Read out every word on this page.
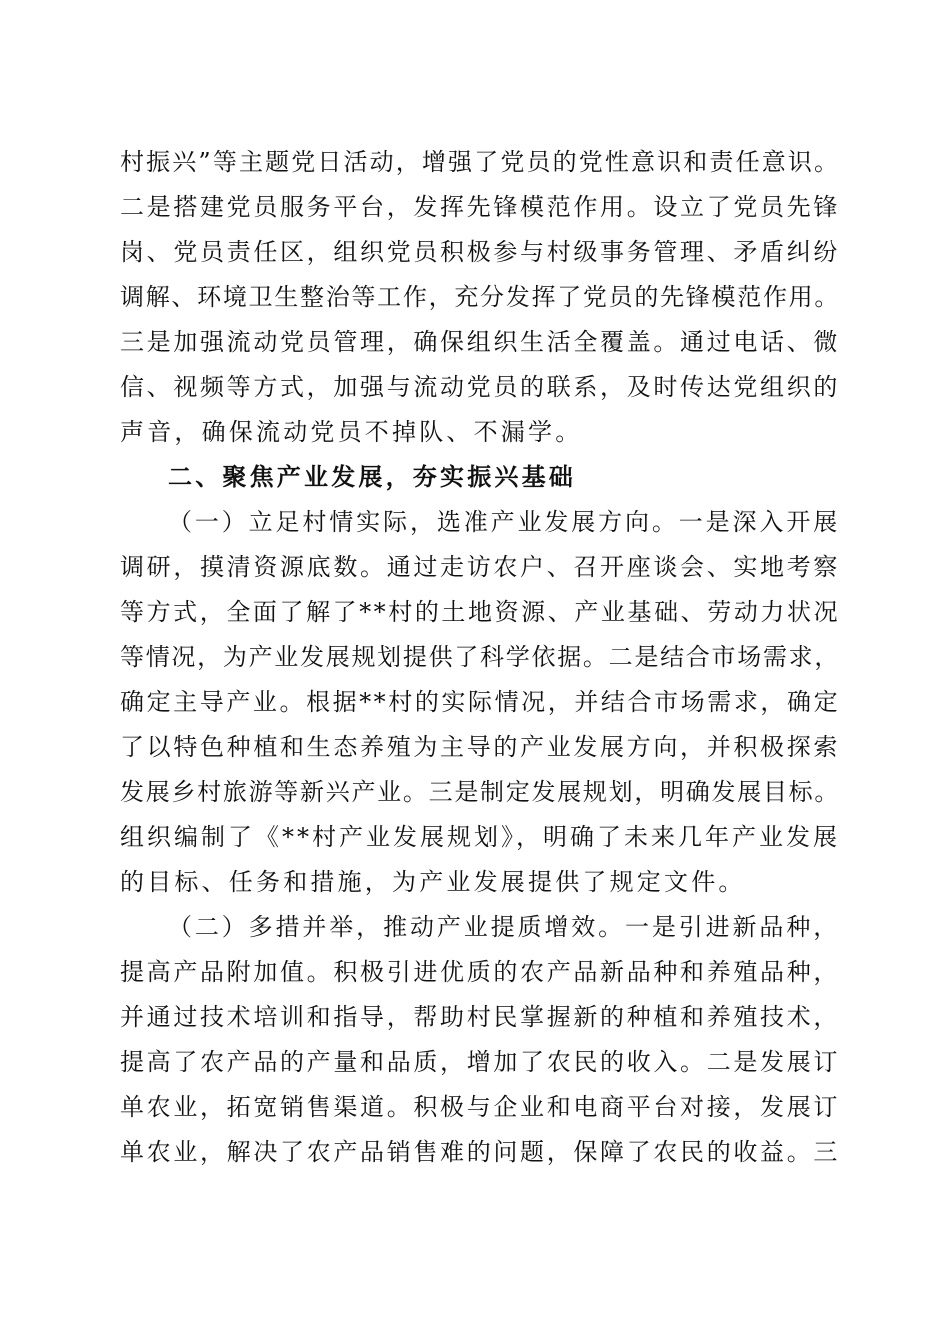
村振兴”等主题党日活动，增强了党员的党性意识和责任意识。
二是搭建党员服务平台，发挥先锋模范作用。设立了党员先锋
岗、党员责任区，组织党员积极参与村级事务管理、矛盾纠纷
调解、环境卫生整治等工作，充分发挥了党员的先锋模范作用。
三是加强流动党员管理，确保组织生活全覆盖。通过电话、微
信、视频等方式，加强与流动党员的联系，及时传达党组织的
声音，确保流动党员不掉队、不漏学。
二、聚焦产业发展，夯实振兴基础
（一）立足村情实际，选准产业发展方向。一是深入开展
调研，摸清资源底数。通过走访农户、召开座谈会、实地考察
等方式，全面了解了**村的土地资源、产业基础、劳动力状况
等情况，为产业发展规划提供了科学依据。二是结合市场需求，
确定主导产业。根据**村的实际情况，并结合市场需求，确定
了以特色种植和生态养殖为主导的产业发展方向，并积极探索
发展乡村旅游等新兴产业。三是制定发展规划，明确发展目标。
组织编制了《**村产业发展规划》，明确了未来几年产业发展
的目标、任务和措施，为产业发展提供了规定文件。
（二）多措并举，推动产业提质增效。一是引进新品种，
提高产品附加值。积极引进优质的农产品新品种和养殖品种，
并通过技术培训和指导，帮助村民掌握新的种植和养殖技术，
提高了农产品的产量和品质，增加了农民的收入。二是发展订
单农业，拓宽销售渠道。积极与企业和电商平台对接，发展订
单农业，解决了农产品销售难的问题，保障了农民的收益。三
